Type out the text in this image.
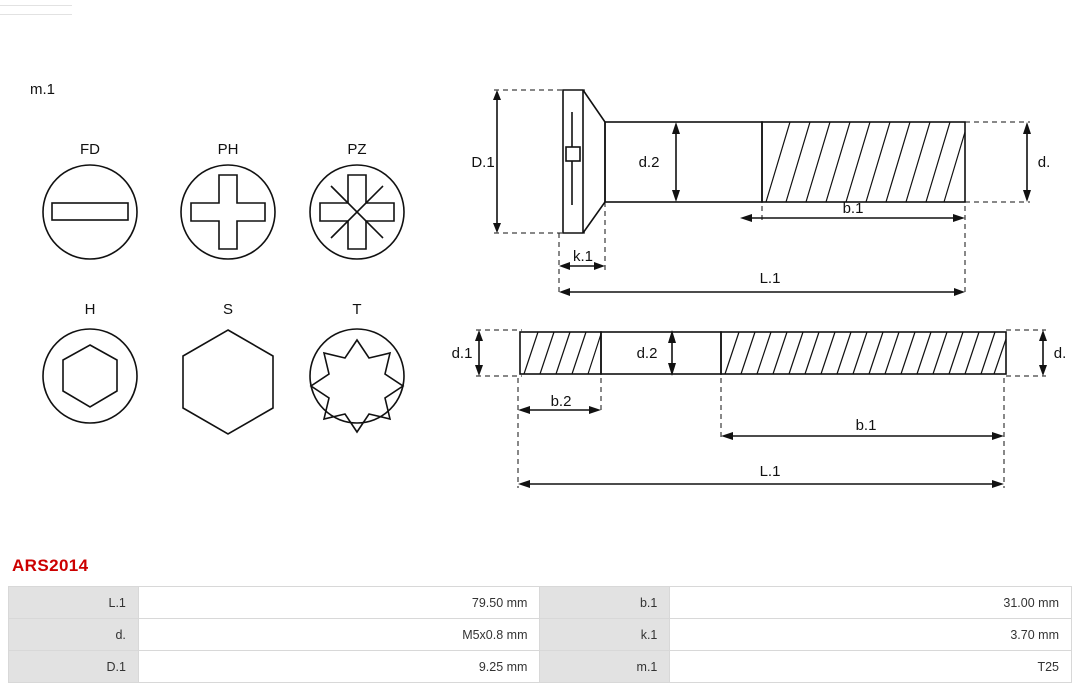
m.1
FD	PH	PZ
H	S	T
D.1	d.2	d.
b.1
k.1
L.1
d.1	d.2	d.
b.2
b.1
L.1
ARS2014
L.1	79.50 mm	b.1	31.00 mm
d.	M5x0.8 mm	k.1	3.70 mm
D.1	9.25 mm	m.1	T25
